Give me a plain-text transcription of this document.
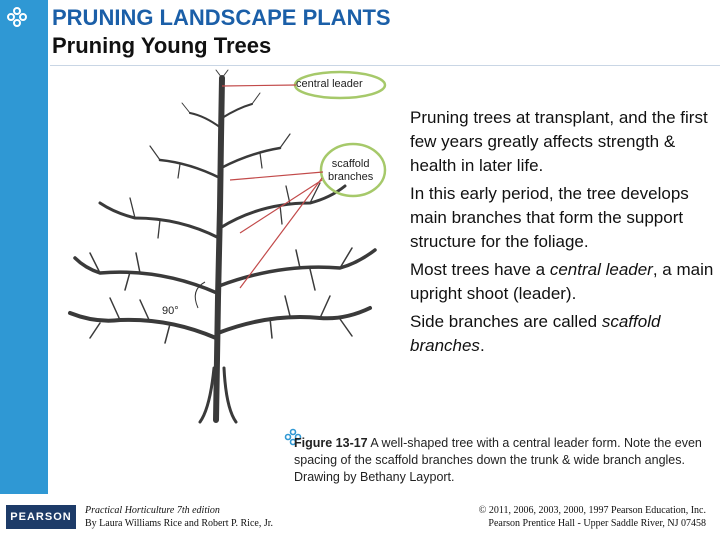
PRUNING LANDSCAPE PLANTS
Pruning Young Trees
central leader
scaffold
branches
90°

Pruning trees at transplant, and the first few years greatly affects strength & health in later life.

In this early period, the tree develops main branches that form the support structure for the foliage.

Most trees have a central leader, a main upright shoot (leader).

Side branches are called scaffold branches.

Figure 13-17 A well-shaped tree with a central leader form. Note the even spacing of the scaffold branches down the trunk & wide branch angles. Drawing by Bethany Layport.
PEARSON
Practical Horticulture 7th edition
By Laura Williams Rice and Robert P. Rice, Jr.
© 2011, 2006, 2003, 2000, 1997 Pearson Education, Inc.
Pearson Prentice Hall - Upper Saddle River, NJ 07458
